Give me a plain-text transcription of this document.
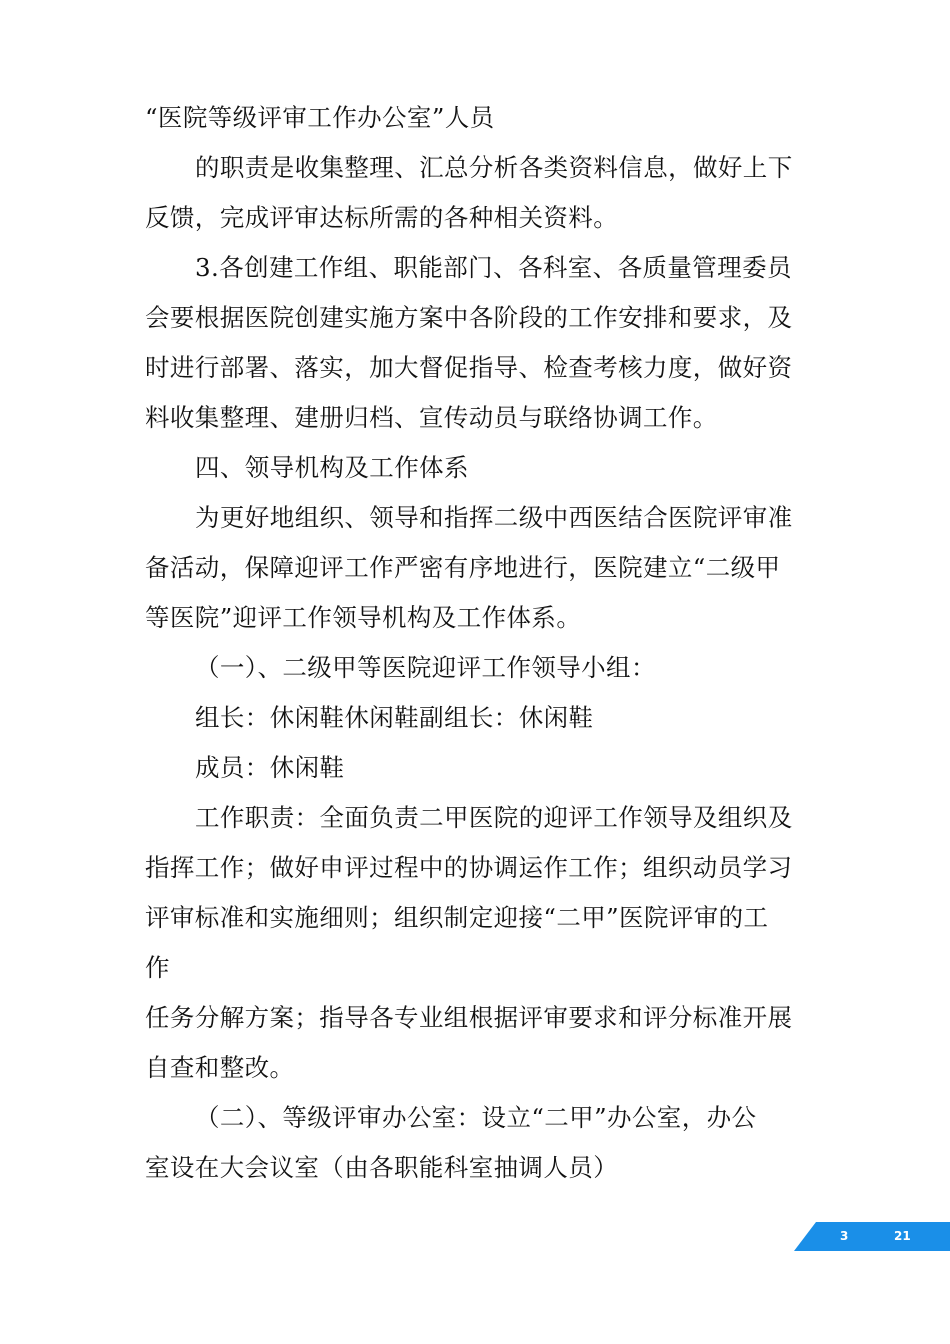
“医院等级评审工作办公室”人员
的职责是收集整理、汇总分析各类资料信息，做好上下
反馈，完成评审达标所需的各种相关资料。
3.各创建工作组、职能部门、各科室、各质量管理委员
会要根据医院创建实施方案中各阶段的工作安排和要求，及
时进行部署、落实，加大督促指导、检查考核力度，做好资
料收集整理、建册归档、宣传动员与联络协调工作。
四、领导机构及工作体系
为更好地组织、领导和指挥二级中西医结合医院评审准
备活动，保障迎评工作严密有序地进行，医院建立“二级甲
等医院”迎评工作领导机构及工作体系。
（一）、二级甲等医院迎评工作领导小组：
组长：休闲鞋休闲鞋副组长：休闲鞋
成员：休闲鞋
工作职责：全面负责二甲医院的迎评工作领导及组织及
指挥工作；做好申评过程中的协调运作工作；组织动员学习
评审标准和实施细则；组织制定迎接“二甲”医院评审的工
作
任务分解方案；指导各专业组根据评审要求和评分标准开展
自查和整改。
（二）、等级评审办公室：设立“二甲”办公室，办公
室设在大会议室（由各职能科室抽调人员）
3	21
